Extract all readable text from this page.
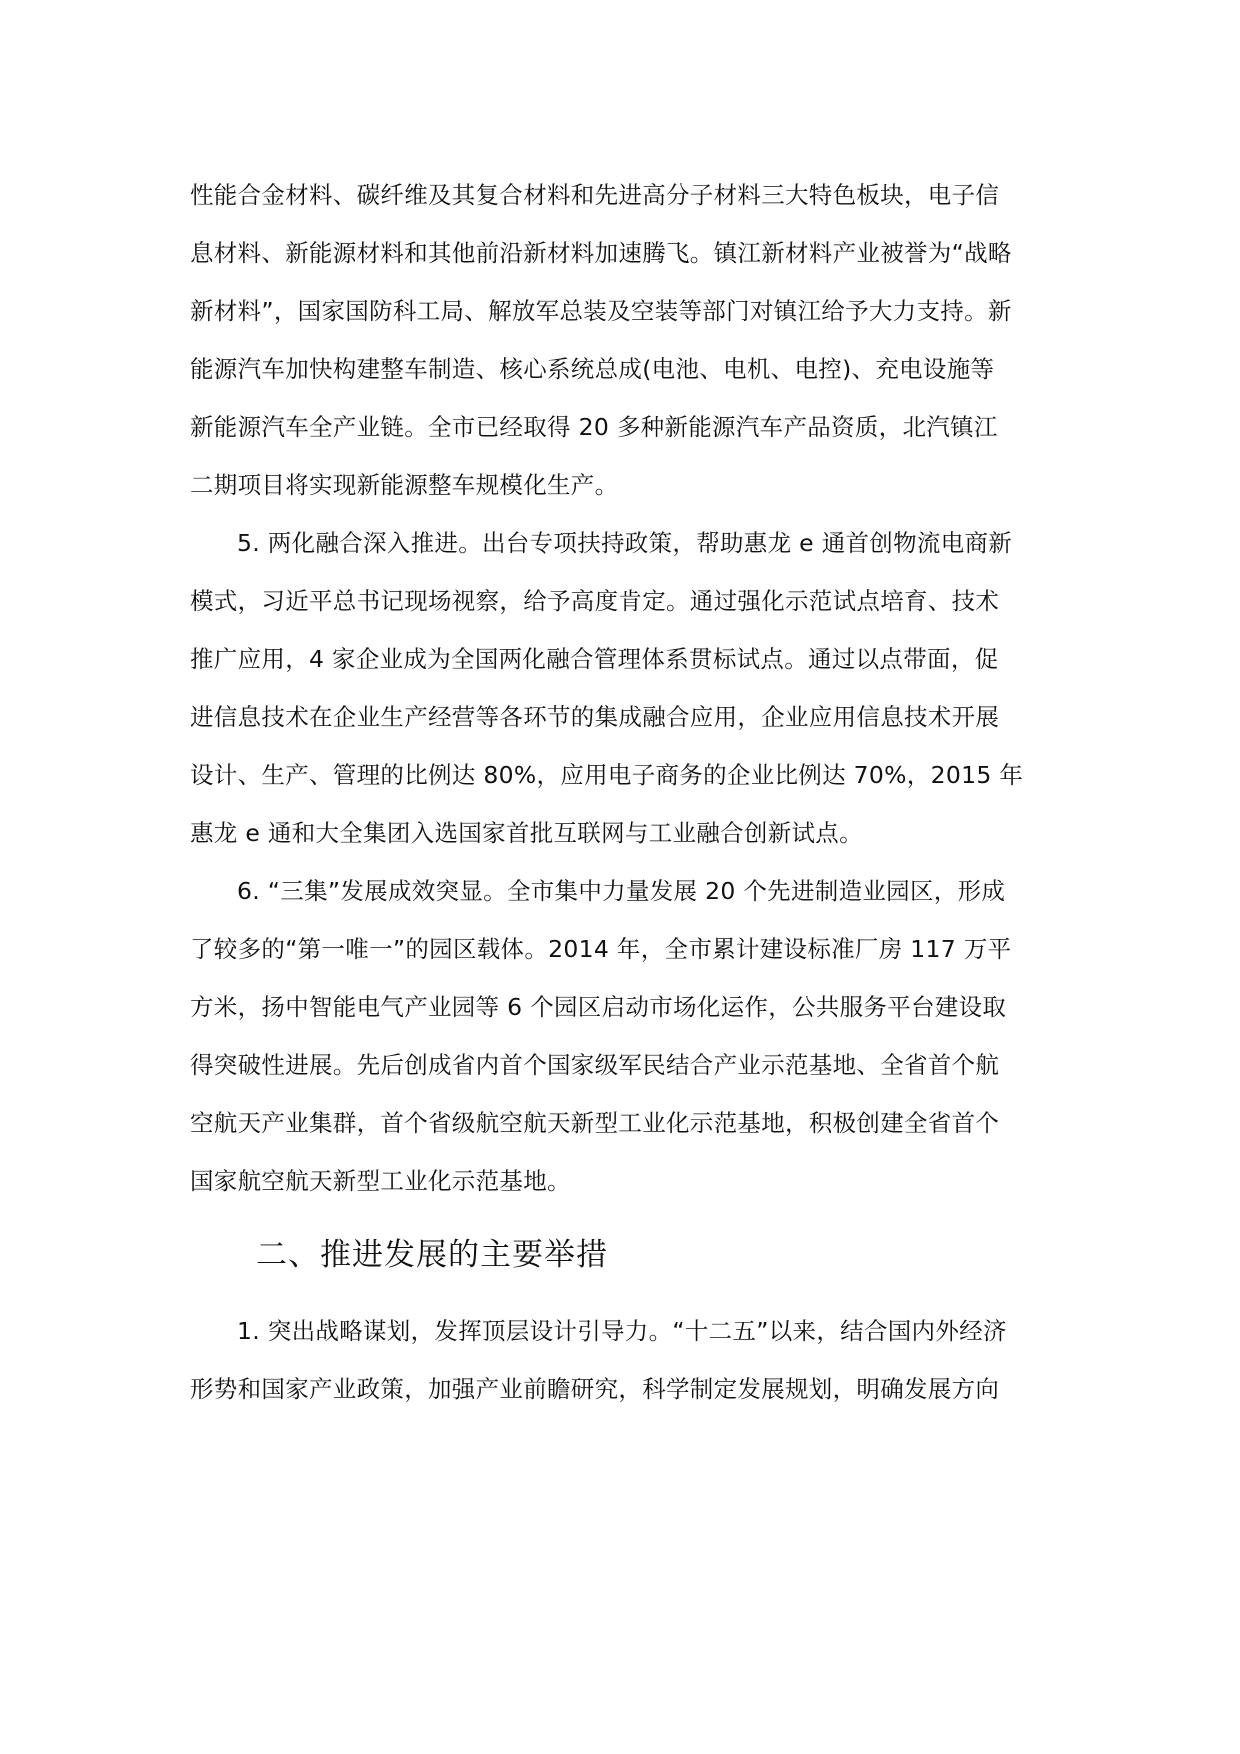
性能合金材料、碳纤维及其复合材料和先进高分子材料三大特色板块，电子信
息材料、新能源材料和其他前沿新材料加速腾飞。镇江新材料产业被誉为“战略
新材料”，国家国防科工局、解放军总装及空装等部门对镇江给予大力支持。新
能源汽车加快构建整车制造、核心系统总成(电池、电机、电控)、充电设施等
新能源汽车全产业链。全市已经取得 20 多种新能源汽车产品资质，北汽镇江
二期项目将实现新能源整车规模化生产。
5. 两化融合深入推进。出台专项扶持政策，帮助惠龙 e 通首创物流电商新
模式，习近平总书记现场视察，给予高度肯定。通过强化示范试点培育、技术
推广应用，4 家企业成为全国两化融合管理体系贯标试点。通过以点带面，促
进信息技术在企业生产经营等各环节的集成融合应用，企业应用信息技术开展
设计、生产、管理的比例达 80%，应用电子商务的企业比例达 70%，2015 年
惠龙 e 通和大全集团入选国家首批互联网与工业融合创新试点。
6. “三集”发展成效突显。全市集中力量发展 20 个先进制造业园区，形成
了较多的“第一唯一”的园区载体。2014 年，全市累计建设标准厂房 117 万平
方米，扬中智能电气产业园等 6 个园区启动市场化运作，公共服务平台建设取
得突破性进展。先后创成省内首个国家级军民结合产业示范基地、全省首个航
空航天产业集群，首个省级航空航天新型工业化示范基地，积极创建全省首个
国家航空航天新型工业化示范基地。
二、推进发展的主要举措
1. 突出战略谋划，发挥顶层设计引导力。“十二五”以来，结合国内外经济
形势和国家产业政策，加强产业前瞻研究，科学制定发展规划，明确发展方向
